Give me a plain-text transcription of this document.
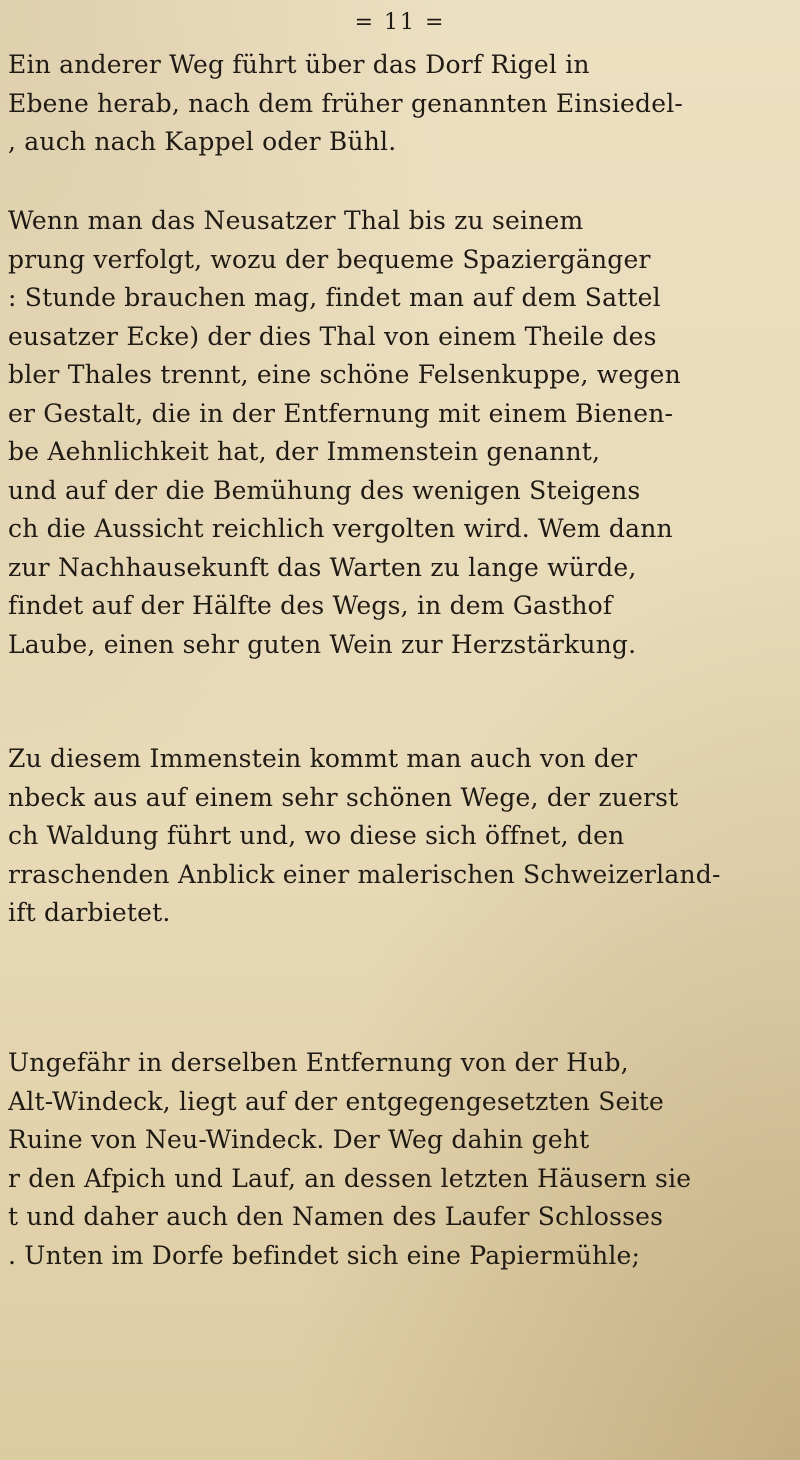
= 11 =
Ein anderer Weg führt über das Dorf Rigel in
Ebene herab, nach dem früher genannten Einsiedel-
, auch nach Kappel oder Bühl.
Wenn man das Neusatzer Thal bis zu seinem
prung verfolgt, wozu der bequeme Spaziergänger
: Stunde brauchen mag, findet man auf dem Sattel
eusatzer Ecke) der dies Thal von einem Theile des
bler Thales trennt, eine schöne Felsenkuppe, wegen
er Gestalt, die in der Entfernung mit einem Bienen-
be Aehnlichkeit hat, der Immenstein genannt,
und auf der die Bemühung des wenigen Steigens
ch die Aussicht reichlich vergolten wird. Wem dann
zur Nachhausekunft das Warten zu lange würde,
findet auf der Hälfte des Wegs, in dem Gasthof
Laube, einen sehr guten Wein zur Herzstärkung.
Zu diesem Immenstein kommt man auch von der
nbeck aus auf einem sehr schönen Wege, der zuerst
ch Waldung führt und, wo diese sich öffnet, den
rraschenden Anblick einer malerischen Schweizerland-
ift darbietet.
Ungefähr in derselben Entfernung von der Hub,
Alt-Windeck, liegt auf der entgegengesetzten Seite
Ruine von Neu-Windeck. Der Weg dahin geht
r den Afpich und Lauf, an dessen letzten Häusern sie
t und daher auch den Namen des Laufer Schlosses
. Unten im Dorfe befindet sich eine Papiermühle;
